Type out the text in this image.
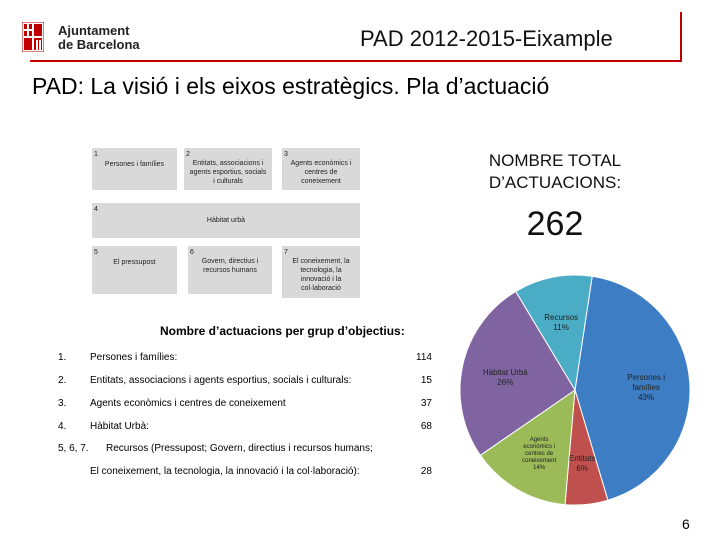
Ajuntament
de Barcelona	PAD 2012-2015-Eixample
PAD: La visió i els eixos estratègics. Pla d’actuació
1
Persones i famílies
2
Entitats, associacions i agents esportius, socials i culturals
3
Agents econòmics i centres de coneixement
4
Hàbitat urbà
5
El pressupost
6
Govern, directius i recursos humans
7
El coneixement, la tecnologia, la innovació i la col·laboració
NOMBRE TOTAL
D’ACTUACIONS:
262
Nombre d’actuacions per grup d’objectius:
1. Persones i famílies:	114
2. Entitats, associacions i agents esportius, socials i culturals:	15
3. Agents econòmics i centres de coneixement	37
4. Hàbitat Urbà:	68
5, 6, 7. Recursos (Pressupost; Govern, directius i recursos humans;
El coneixement, la tecnologia, la innovació i la col·laboració):	28
Persones i famílies 43%
Entitats 6%
Agents econòmics i centres de coneixement 14%
Hàbitat Urbà 26%
Recursos 11%
6
